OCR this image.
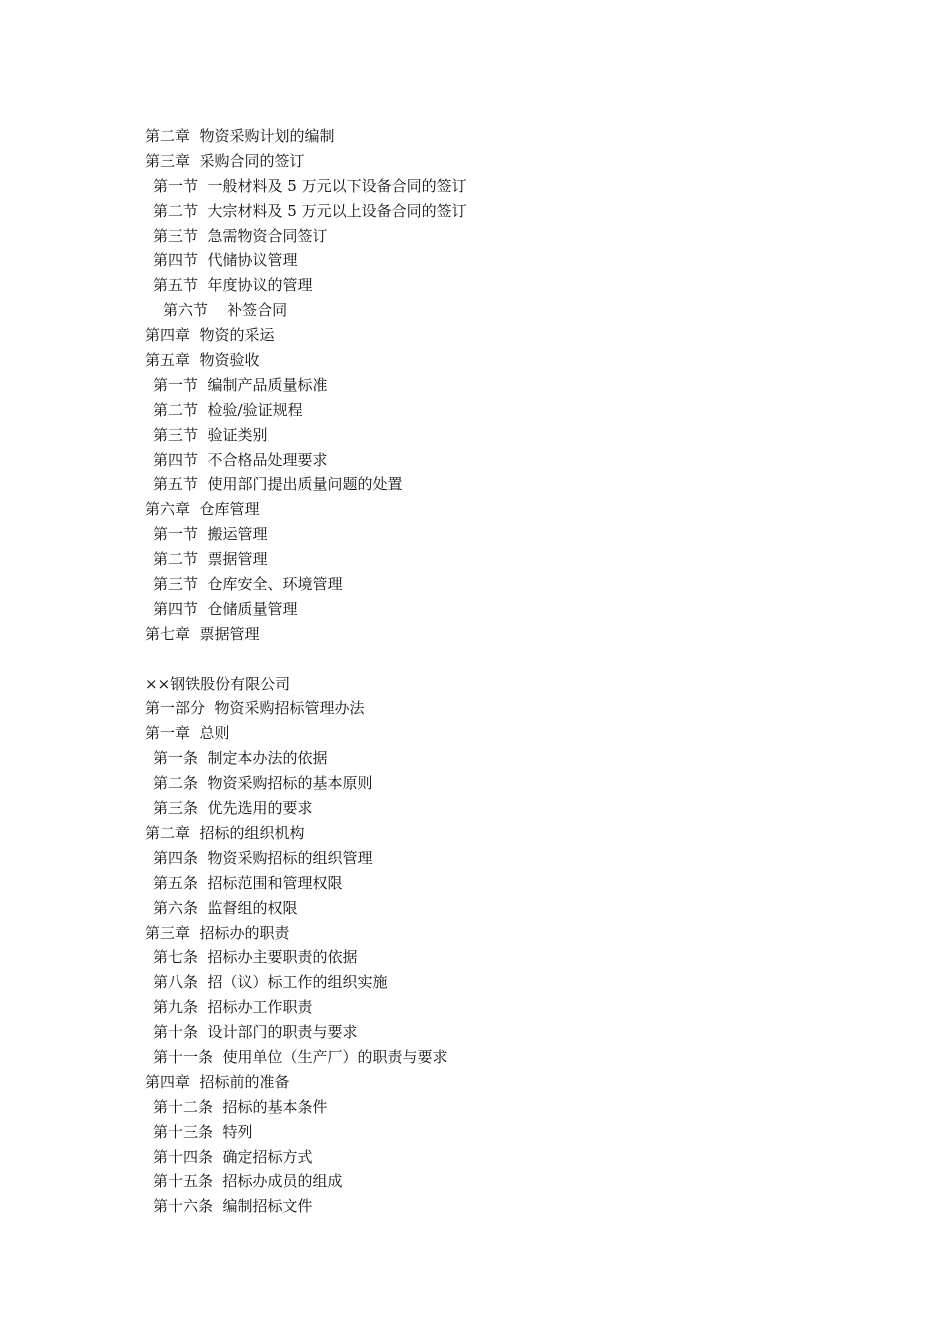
第二章  物资采购计划的编制
第三章  采购合同的签订
第一节  一般材料及 5 万元以下设备合同的签订
第二节  大宗材料及 5 万元以上设备合同的签订
第三节  急需物资合同签订
第四节  代储协议管理
第五节  年度协议的管理
第六节    补签合同
第四章  物资的采运
第五章  物资验收
第一节  编制产品质量标准
第二节  检验/验证规程
第三节  验证类别
第四节  不合格品处理要求
第五节  使用部门提出质量问题的处置
第六章  仓库管理
第一节  搬运管理
第二节  票据管理
第三节  仓库安全、环境管理
第四节  仓储质量管理
第七章  票据管理
××钢铁股份有限公司
第一部分  物资采购招标管理办法
第一章  总则
第一条  制定本办法的依据
第二条  物资采购招标的基本原则
第三条  优先选用的要求
第二章  招标的组织机构
第四条  物资采购招标的组织管理
第五条  招标范围和管理权限
第六条  监督组的权限
第三章  招标办的职责
第七条  招标办主要职责的依据
第八条  招（议）标工作的组织实施
第九条  招标办工作职责
第十条  设计部门的职责与要求
第十一条  使用单位（生产厂）的职责与要求
第四章  招标前的准备
第十二条  招标的基本条件
第十三条  特列
第十四条  确定招标方式
第十五条  招标办成员的组成
第十六条  编制招标文件
